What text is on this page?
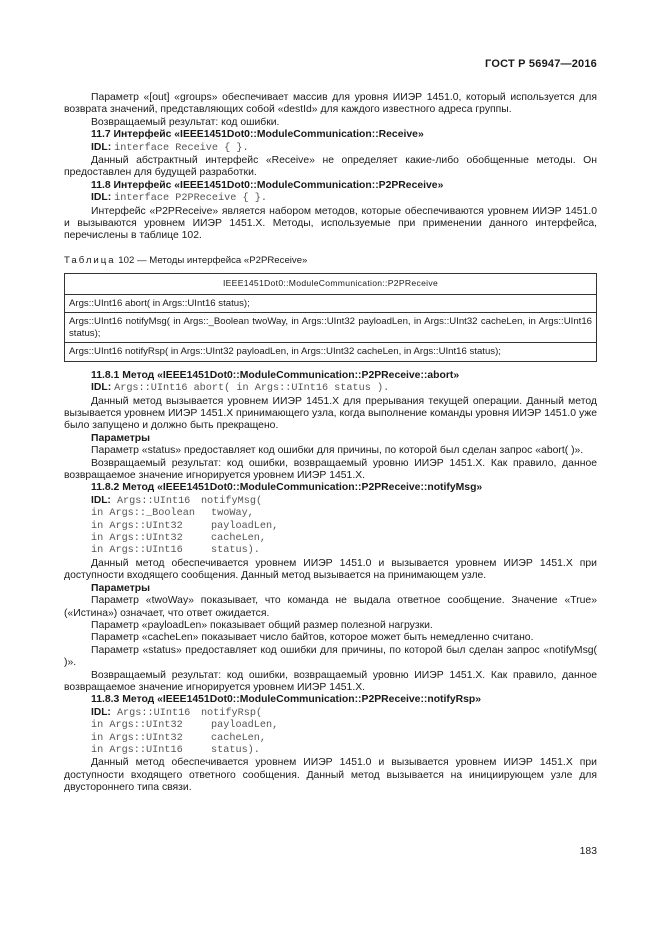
ГОСТ Р 56947—2016

Параметр «[out] «groups» обеспечивает массив для уровня ИИЭР 1451.0, который используется для возврата значений, представляющих собой «destId» для каждого известного адреса группы.

Возвращаемый результат: код ошибки.

11.7 Интерфейс «IEEE1451Dot0::ModuleCommunication::Receive»
IDL: interface Receive { }.

Данный абстрактный интерфейс «Receive» не определяет какие-либо обобщенные методы. Он предоставлен для будущей разработки.

11.8 Интерфейс «IEEE1451Dot0::ModuleCommunication::P2PReceive»
IDL: interface P2PReceive { }.

Интерфейс «P2PReceive» является набором методов, которые обеспечиваются уровнем ИИЭР 1451.0 и вызываются уровнем ИИЭР 1451.X. Методы, используемые при применении данного интерфейса, перечислены в таблице 102.

Таблица 102 — Методы интерфейса «P2PReceive»
IEEE1451Dot0::ModuleCommunication::P2PReceive
Args::UInt16 abort( in Args::UInt16 status);
Args::UInt16 notifyMsg( in Args::_Boolean twoWay, in Args::UInt32 payloadLen, in Args::UInt32 cacheLen, in Args::UInt16 status);
Args::UInt16 notifyRsp( in Args::UInt32 payloadLen, in Args::UInt32 cacheLen, in Args::UInt16 status);
11.8.1 Метод «IEEE1451Dot0::ModuleCommunication::P2PReceive::abort»
IDL: Args::UInt16 abort( in Args::UInt16 status ).

Данный метод вызывается уровнем ИИЭР 1451.X для прерывания текущей операции. Данный метод вызывается уровнем ИИЭР 1451.X принимающего узла, когда выполнение команды уровня ИИЭР 1451.0 уже было запущено и должно быть прекращено.

Параметры

Параметр «status» предоставляет код ошибки для причины, по которой был сделан запрос «abort( )».

Возвращаемый результат: код ошибки, возвращаемый уровню ИИЭР 1451.X. Как правило, данное возвращаемое значение игнорируется уровнем ИИЭР 1451.X.

11.8.2 Метод «IEEE1451Dot0::ModuleCommunication::P2PReceive::notifyMsg»
IDL: Args::UInt16 notifyMsg(
in Args::_Boolean twoWay,
in Args::UInt32	payloadLen,
in Args::UInt32	cacheLen,
in Args::UInt16	status).

Данный метод обеспечивается уровнем ИИЭР 1451.0 и вызывается уровнем ИИЭР 1451.X при доступности входящего сообщения. Данный метод вызывается на принимающем узле.

Параметры

Параметр «twoWay» показывает, что команда не выдала ответное сообщение. Значение «True» («Истина») означает, что ответ ожидается.

Параметр «payloadLen» показывает общий размер полезной нагрузки.

Параметр «cacheLen» показывает число байтов, которое может быть немедленно считано.

Параметр «status» предоставляет код ошибки для причины, по которой был сделан запрос «notifyMsg( )».

Возвращаемый результат: код ошибки, возвращаемый уровню ИИЭР 1451.X. Как правило, данное возвращаемое значение игнорируется уровнем ИИЭР 1451.X.

11.8.3 Метод «IEEE1451Dot0::ModuleCommunication::P2PReceive::notifyRsp»
IDL: Args::UInt16 notifyRsp(
in Args::UInt32	payloadLen,
in Args::UInt32	cacheLen,
in Args::UInt16	status).

Данный метод обеспечивается уровнем ИИЭР 1451.0 и вызывается уровнем ИИЭР 1451.X при доступности входящего ответного сообщения. Данный метод вызывается на инициирующем узле для двустороннего типа связи.

183
